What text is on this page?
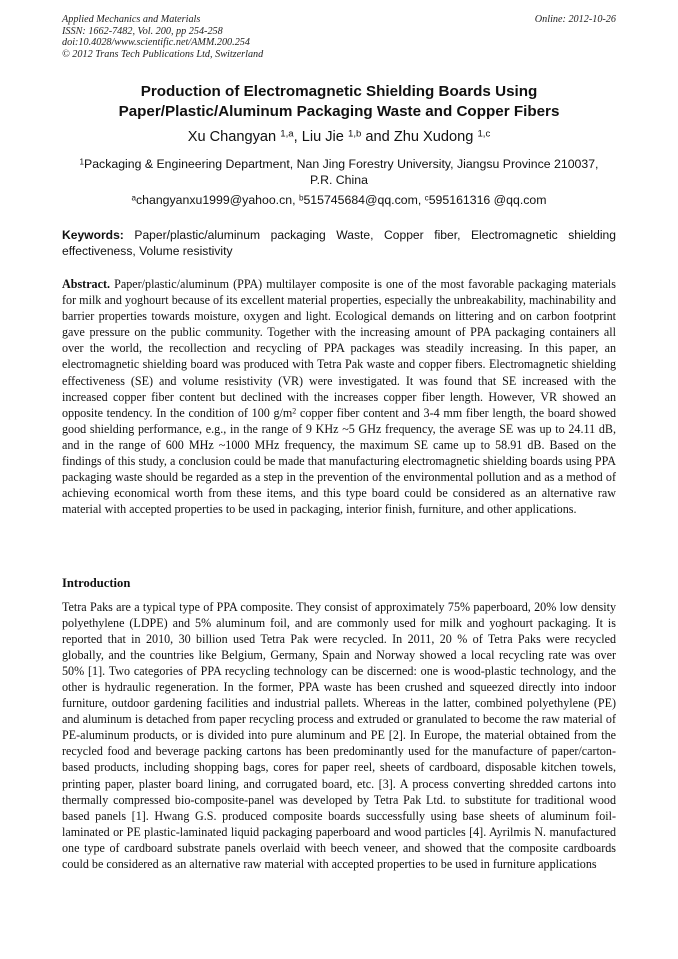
Applied Mechanics and Materials
ISSN: 1662-7482, Vol. 200, pp 254-258
doi:10.4028/www.scientific.net/AMM.200.254
© 2012 Trans Tech Publications Ltd, Switzerland
Online: 2012-10-26
Production of Electromagnetic Shielding Boards Using
Paper/Plastic/Aluminum Packaging Waste and Copper Fibers
Xu Changyan $^{1,a}$, Liu Jie $^{1,b}$ and Zhu Xudong $^{1,c}$
$^1$Packaging & Engineering Department, Nan Jing Forestry University, Jiangsu Province 210037,
P.R. China
$^a$changyanxu1999@yahoo.cn, $^b$515745684@qq.com, $^c$595161316 @qq.com
Keywords: Paper/plastic/aluminum packaging Waste, Copper fiber, Electromagnetic shielding effectiveness, Volume resistivity
Abstract. Paper/plastic/aluminum (PPA) multilayer composite is one of the most favorable packaging materials for milk and yoghourt because of its excellent material properties, especially the unbreakability, machinability and barrier properties towards moisture, oxygen and light. Ecological demands on littering and on carbon footprint gave pressure on the public community. Together with the increasing amount of PPA packaging containers all over the world, the recollection and recycling of PPA packages was steadily increasing. In this paper, an electromagnetic shielding board was produced with Tetra Pak waste and copper fibers. Electromagnetic shielding effectiveness (SE) and volume resistivity (VR) were investigated. It was found that SE increased with the increased copper fiber content but declined with the increases copper fiber length. However, VR showed an opposite tendency. In the condition of 100 $g/m^2$ copper fiber content and 3-4 mm fiber length, the board showed good shielding performance, e.g., in the range of 9 KHz ~5 GHz frequency, the average SE was up to 24.11 dB, and in the range of 600 MHz ~1000 MHz frequency, the maximum SE came up to 58.91 dB. Based on the findings of this study, a conclusion could be made that manufacturing electromagnetic shielding boards using PPA packaging waste should be regarded as a step in the prevention of the environmental pollution and as a method of achieving economical worth from these items, and this type board could be considered as an alternative raw material with accepted properties to be used in packaging, interior finish, furniture, and other applications.
Introduction

Tetra Paks are a typical type of PPA composite. They consist of approximately 75% paperboard, 20% low density polyethylene (LDPE) and 5% aluminum foil, and are commonly used for milk and yoghourt packaging. It is reported that in 2010, 30 billion used Tetra Pak were recycled. In 2011, 20 % of Tetra Paks were recycled globally, and the countries like Belgium, Germany, Spain and Norway showed a local recycling rate was over 50% [1]. Two categories of PPA recycling technology can be discerned: one is wood-plastic technology, and the other is hydraulic regeneration. In the former, PPA waste has been crushed and squeezed directly into indoor furniture, outdoor gardening facilities and industrial pallets. Whereas in the latter, combined polyethylene (PE) and aluminum is detached from paper recycling process and extruded or granulated to become the raw material of PE-aluminum products, or is divided into pure aluminum and PE [2]. In Europe, the material obtained from the recycled food and beverage packing cartons has been predominantly used for the manufacture of paper/carton-based products, including shopping bags, cores for paper reel, sheets of cardboard, disposable kitchen towels, printing paper, plaster board lining, and corrugated board, etc. [3]. A process converting shredded cartons into thermally compressed bio-composite-panel was developed by Tetra Pak Ltd. to substitute for traditional wood based panels [1]. Hwang G.S. produced composite boards successfully using base sheets of aluminum foil-laminated or PE plastic-laminated liquid packaging paperboard and wood particles [4]. Ayrilmis N. manufactured one type of cardboard substrate panels overlaid with beech veneer, and showed that the composite cardboards could be considered as an alternative raw material with accepted properties to be used in furniture applications
